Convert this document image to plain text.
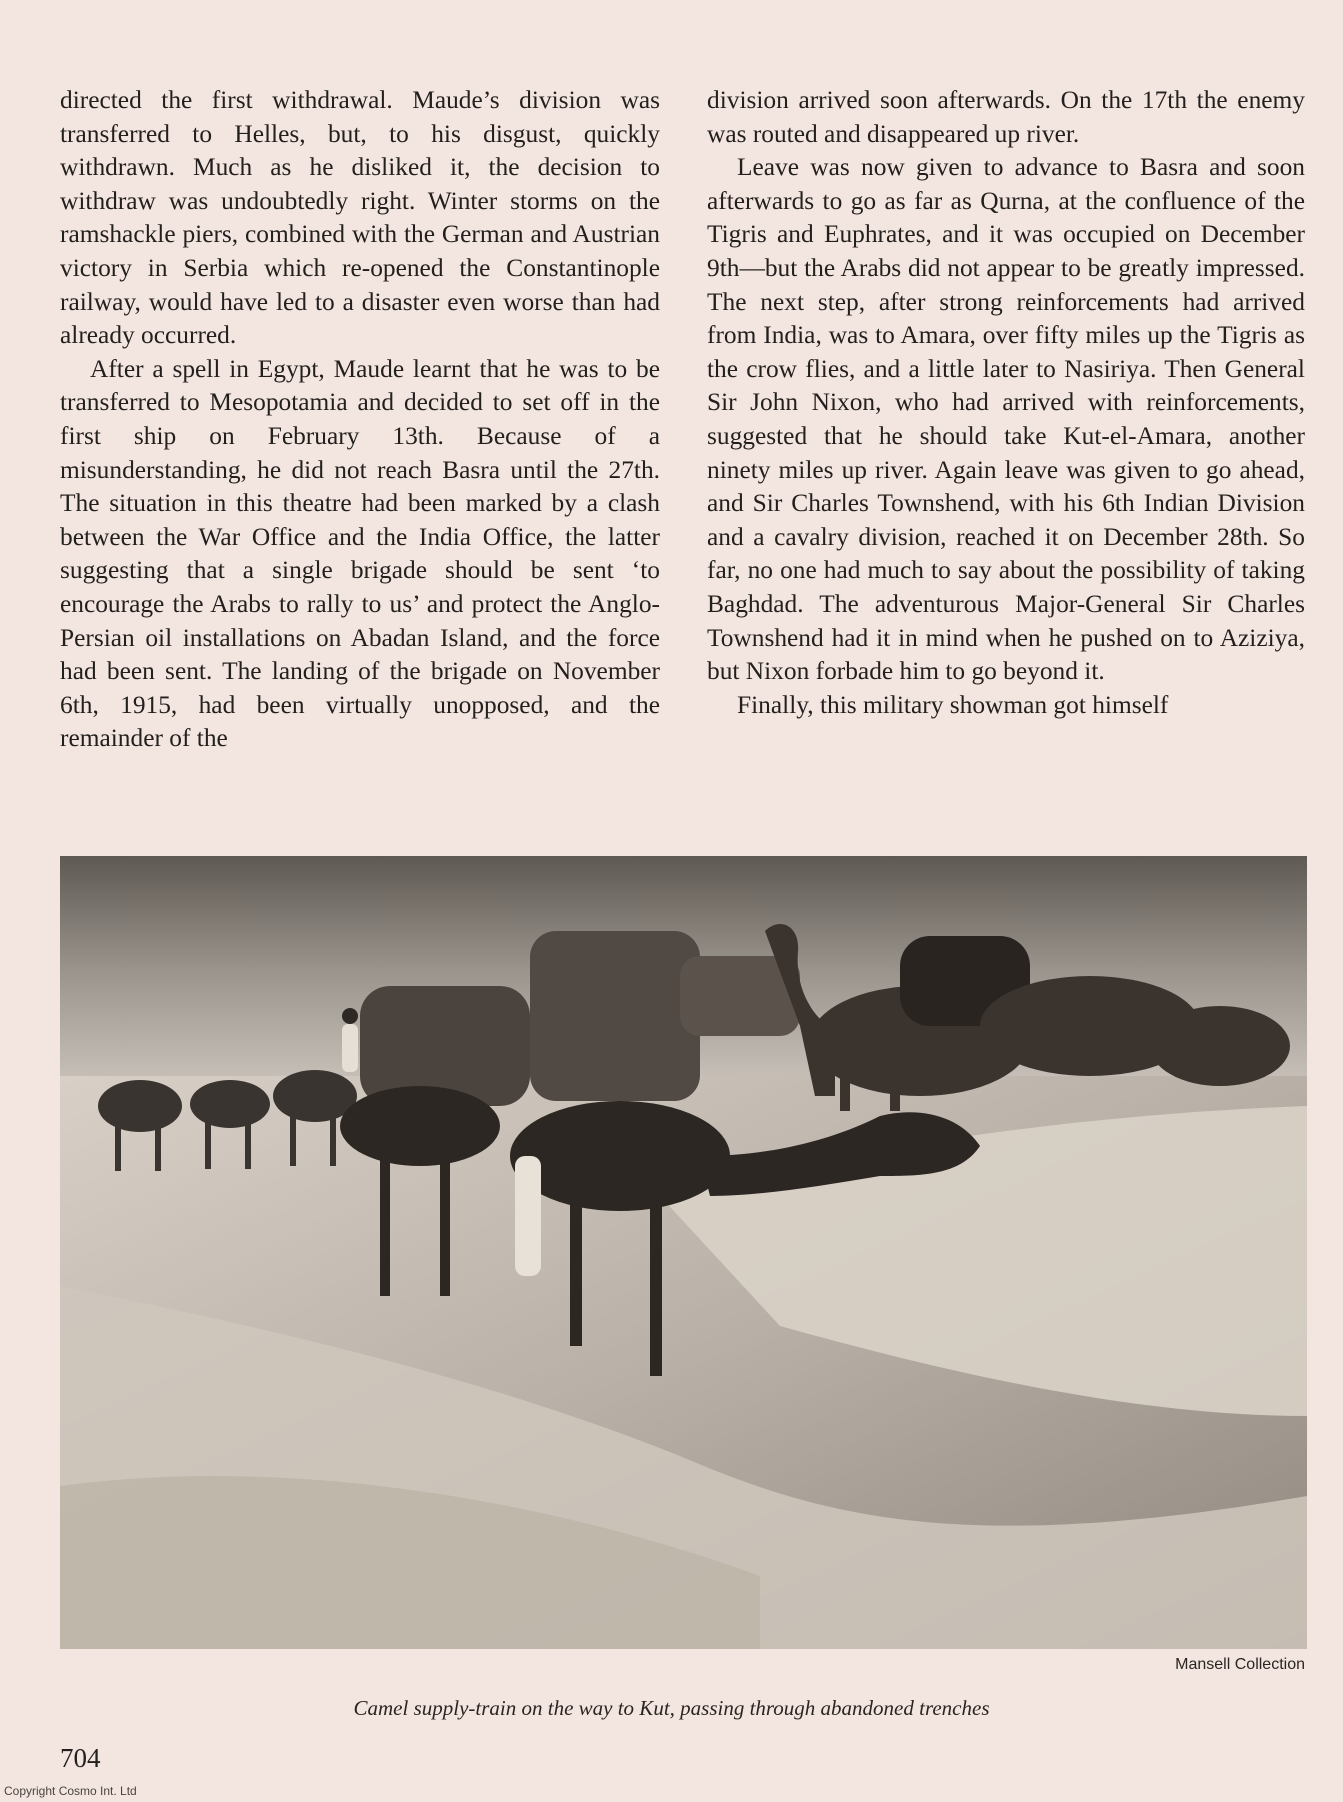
directed the first withdrawal. Maude’s division was transferred to Helles, but, to his disgust, quickly withdrawn. Much as he disliked it, the decision to withdraw was undoubtedly right. Winter storms on the ramshackle piers, combined with the German and Austrian victory in Serbia which re-opened the Constantinople railway, would have led to a disaster even worse than had already occurred.

After a spell in Egypt, Maude learnt that he was to be transferred to Mesopotamia and decided to set off in the first ship on February 13th. Because of a misunderstanding, he did not reach Basra until the 27th. The situation in this theatre had been marked by a clash between the War Office and the India Office, the latter suggesting that a single brigade should be sent ‘to encourage the Arabs to rally to us’ and protect the Anglo-Persian oil installations on Abadan Island, and the force had been sent. The landing of the brigade on November 6th, 1915, had been virtually unopposed, and the remainder of the

division arrived soon afterwards. On the 17th the enemy was routed and disappeared up river.

Leave was now given to advance to Basra and soon afterwards to go as far as Qurna, at the confluence of the Tigris and Euphrates, and it was occupied on December 9th—but the Arabs did not appear to be greatly impressed. The next step, after strong reinforcements had arrived from India, was to Amara, over fifty miles up the Tigris as the crow flies, and a little later to Nasiriya. Then General Sir John Nixon, who had arrived with reinforcements, suggested that he should take Kut-el-Amara, another ninety miles up river. Again leave was given to go ahead, and Sir Charles Townshend, with his 6th Indian Division and a cavalry division, reached it on December 28th. So far, no one had much to say about the possibility of taking Baghdad. The adventurous Major-General Sir Charles Townshend had it in mind when he pushed on to Aziziya, but Nixon forbade him to go beyond it.

Finally, this military showman got himself

Mansell Collection
Camel supply-train on the way to Kut, passing through abandoned trenches
704
Copyright Cosmo Int. Ltd
